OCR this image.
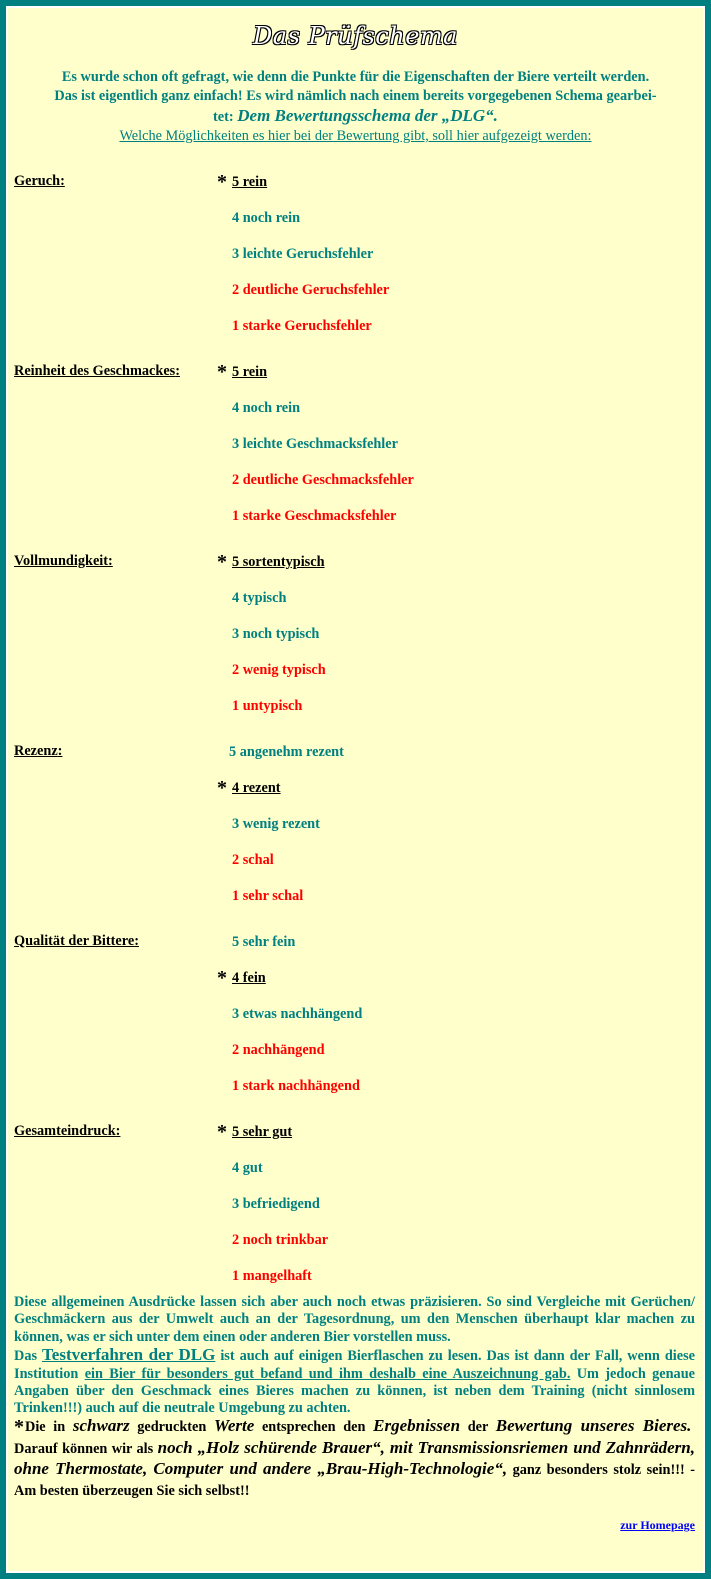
Das Prüfschema
Es wurde schon oft gefragt, wie denn die Punkte für die Eigenschaften der Biere verteilt werden.
Das ist eigentlich ganz einfach! Es wird nämlich nach einem bereits vorgegebenen Schema gearbei-
tet: Dem Bewertungsschema der „DLG“.
Welche Möglichkeiten es hier bei der Bewertung gibt, soll hier aufgezeigt werden:
Geruch:	* 5 rein
4 noch rein
3 leichte Geruchsfehler
2 deutliche Geruchsfehler
1 starke Geruchsfehler
Reinheit des Geschmackes: * 5 rein
4 noch rein
3 leichte Geschmacksfehler
2 deutliche Geschmacksfehler
1 starke Geschmacksfehler
Vollmundigkeit:	* 5 sortentypisch
4 typisch
3 noch typisch
2 wenig typisch
1 untypisch
Rezenz:	5 angenehm rezent
* 4 rezent
3 wenig rezent
2 schal
1 sehr schal
Qualität der Bittere:	5 sehr fein
* 4 fein
3 etwas nachhängend
2 nachhängend
1 stark nachhängend
Gesamteindruck:	* 5 sehr gut
4 gut
3 befriedigend
2 noch trinkbar
1 mangelhaft
Diese allgemeinen Ausdrücke lassen sich aber auch noch etwas präzisieren. So sind Vergleiche mit Gerüchen/ Geschmäckern aus der Umwelt auch an der Tagesordnung, um den Menschen überhaupt klar machen zu können, was er sich unter dem einen oder anderen Bier vorstellen muss.
Das Testverfahren der DLG ist auch auf einigen Bierflaschen zu lesen. Das ist dann der Fall, wenn diese Institution ein Bier für besonders gut befand und ihm deshalb eine Auszeichnung gab. Um jedoch genaue Angaben über den Geschmack eines Bieres machen zu können, ist neben dem Training (nicht sinnlosem Trinken!!!) auch auf die neutrale Umgebung zu achten.
*Die in schwarz gedruckten Werte entsprechen den Ergebnissen der Bewertung unseres Bieres.  Darauf können wir als noch „Holz schürende Brauer“, mit Transmissionsriemen und Zahnrädern, ohne Thermostate, Computer und andere „Brau-High-Technologie“, ganz besonders stolz sein!!! - Am besten überzeugen Sie sich selbst!!
zur Homepage
